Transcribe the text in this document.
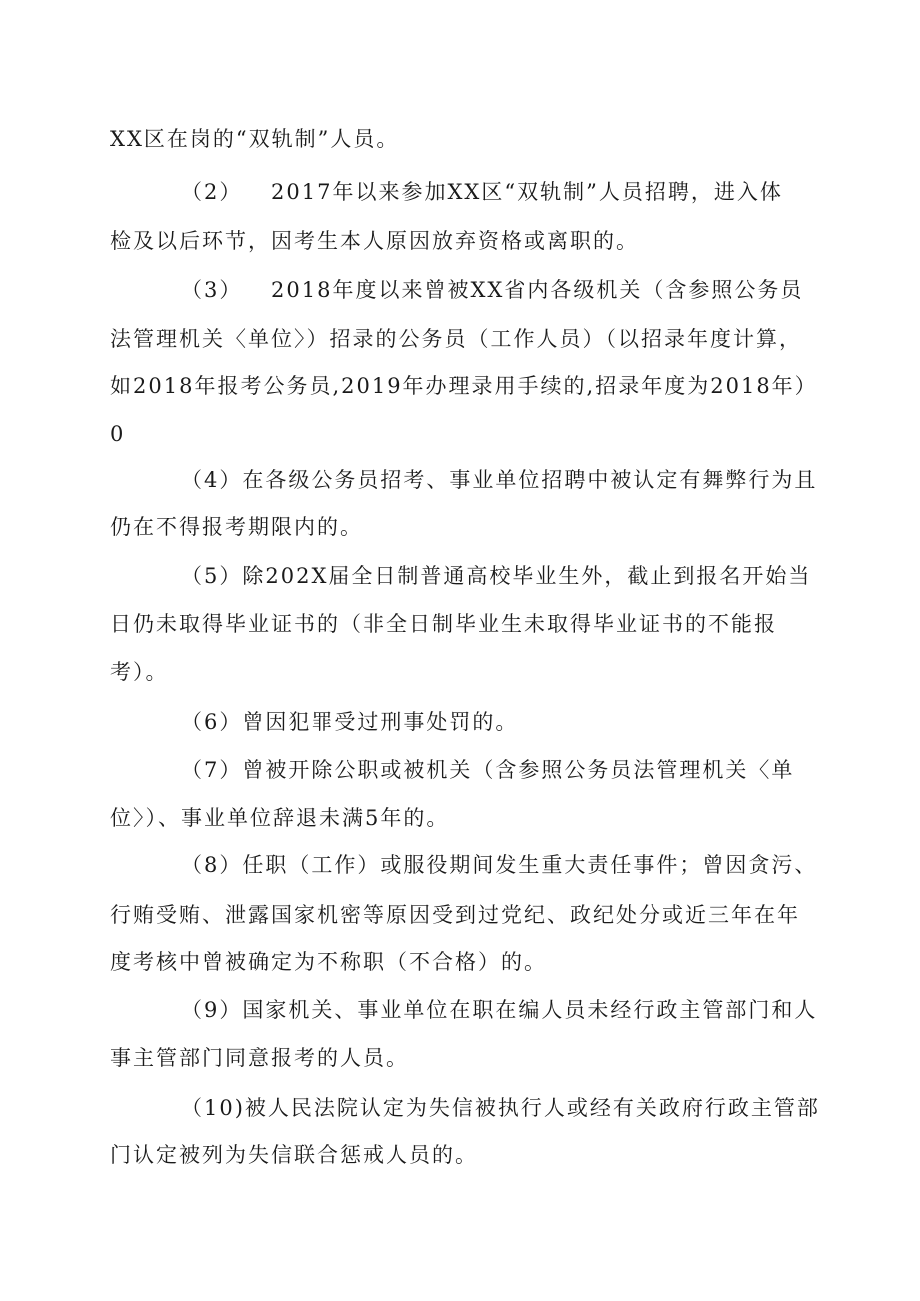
XX区在岗的“双轨制”人员。

（2） 2017年以来参加XX区“双轨制”人员招聘，进入体

检及以后环节，因考生本人原因放弃资格或离职的。

（3） 2018年度以来曾被XX省内各级机关（含参照公务员

法管理机关〈单位〉）招录的公务员（工作人员）（以招录年度计算，

如2018年报考公务员,2019年办理录用手续的,招录年度为2018年）

0

（4）在各级公务员招考、事业单位招聘中被认定有舞弊行为且

仍在不得报考期限内的。

（5）除202X届全日制普通高校毕业生外，截止到报名开始当

日仍未取得毕业证书的（非全日制毕业生未取得毕业证书的不能报

考）。

（6）曾因犯罪受过刑事处罚的。

（7）曾被开除公职或被机关（含参照公务员法管理机关〈单

位〉）、事业单位辞退未满5年的。

（8）任职（工作）或服役期间发生重大责任事件；曾因贪污、

行贿受贿、泄露国家机密等原因受到过党纪、政纪处分或近三年在年

度考核中曾被确定为不称职（不合格）的。

（9）国家机关、事业单位在职在编人员未经行政主管部门和人

事主管部门同意报考的人员。

（10)被人民法院认定为失信被执行人或经有关政府行政主管部

门认定被列为失信联合惩戒人员的。
